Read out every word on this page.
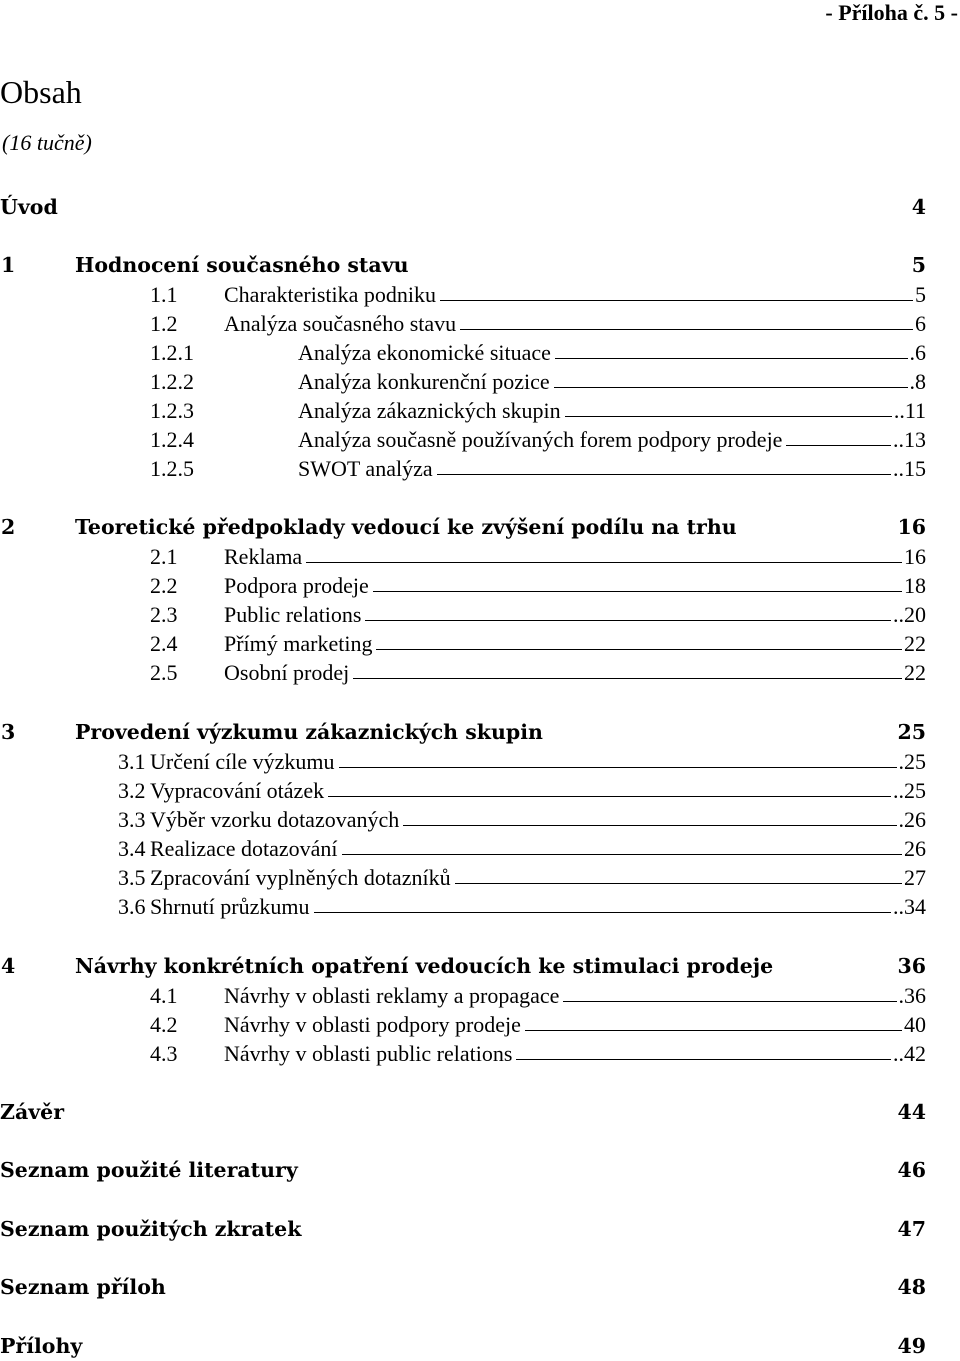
- Příloha č. 5 -
Obsah
(16 tučně)
Úvod	4
1	Hodnocení současného stavu	5
1.1 Charakteristika podniku	5
1.2 Analýza současného stavu	6
1.2.1	Analýza ekonomické situace	.6
1.2.2	Analýza konkurenční pozice	.8
1.2.3	Analýza zákaznických skupin	..11
1.2.4	Analýza současně používaných forem podpory prodeje	..13
1.2.5	SWOT analýza	..15
2	Teoretické předpoklady vedoucí ke zvýšení podílu na trhu	16
2.1 Reklama	16
2.2 Podpora prodeje	18
2.3 Public relations	..20
2.4 Přímý marketing	22
2.5 Osobní prodej	22
3	Provedení výzkumu zákaznických skupin	25
3.1 Určení cíle výzkumu	.25
3.2 Vypracování otázek	..25
3.3 Výběr vzorku dotazovaných	.26
3.4 Realizace dotazování	26
3.5 Zpracování vyplněných dotazníků	27
3.6 Shrnutí průzkumu	..34
4	Návrhy konkrétních opatření vedoucích ke stimulaci prodeje	36
4.1 Návrhy v oblasti reklamy a propagace	.36
4.2 Návrhy v oblasti podpory prodeje	40
4.3 Návrhy v oblasti public relations	..42
Závěr	44
Seznam použité literatury	46
Seznam použitých zkratek	47
Seznam příloh	48
Přílohy	49
